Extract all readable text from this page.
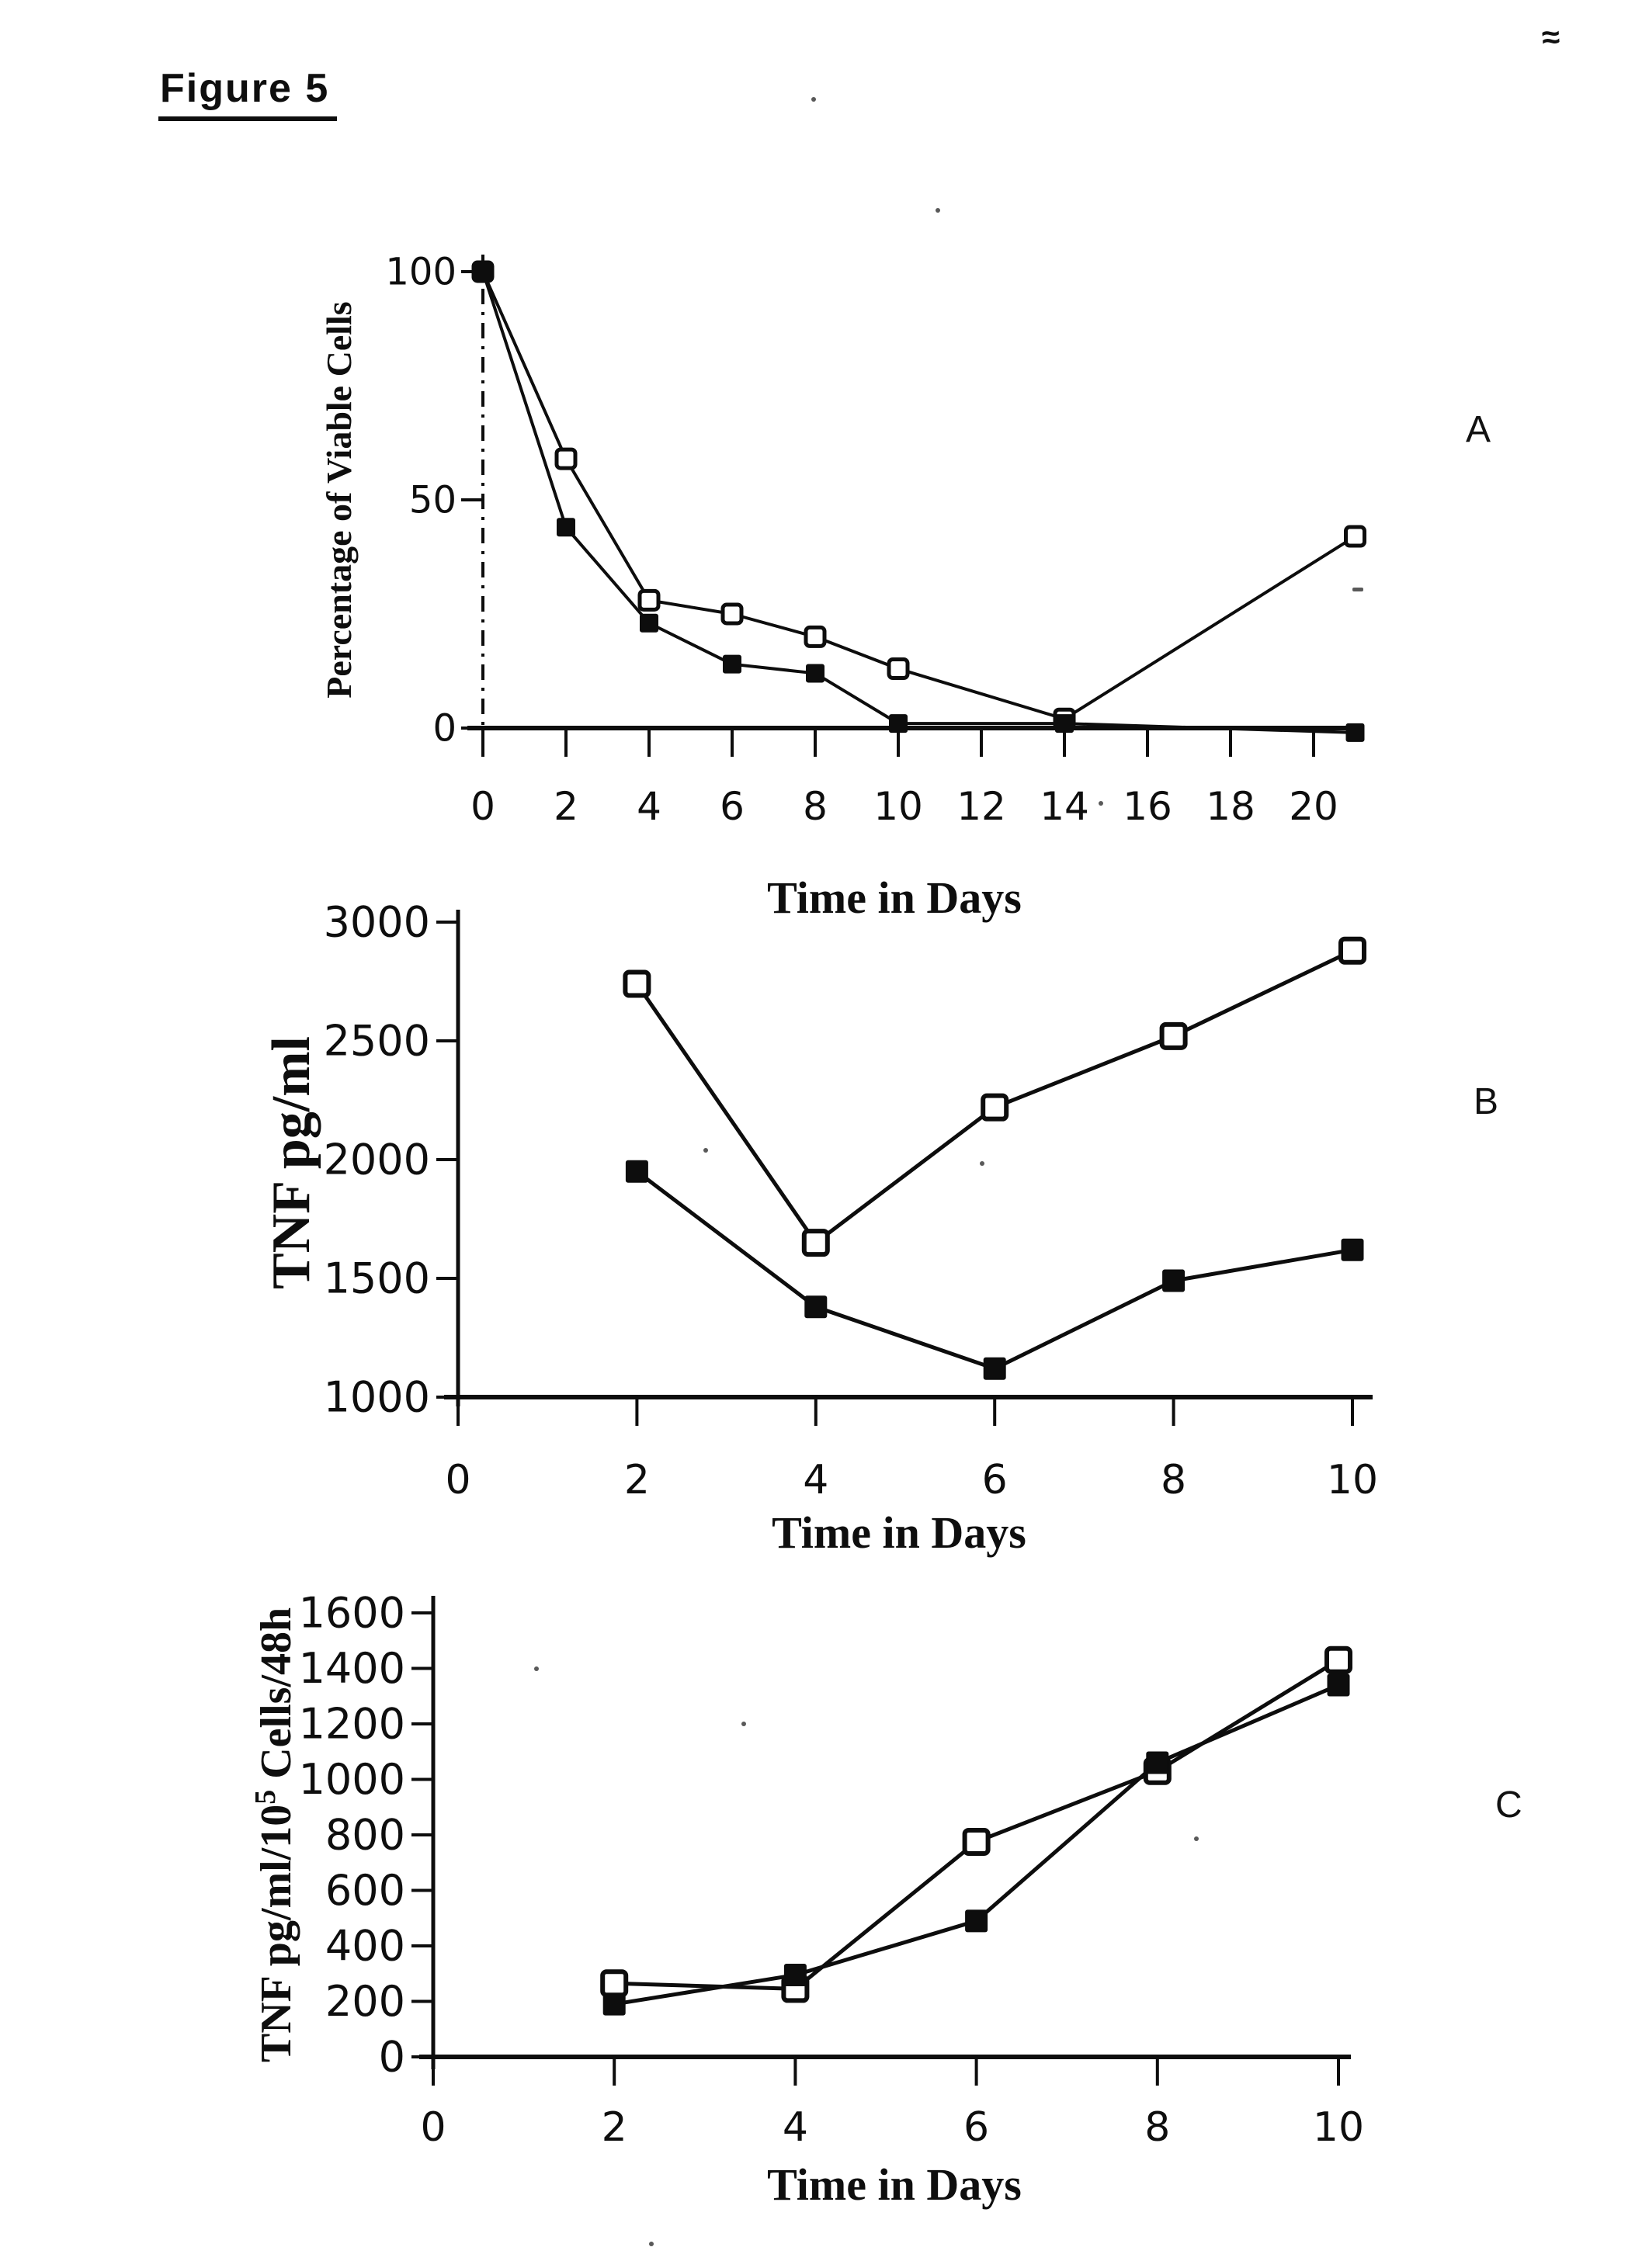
Figure 5
≈
0
50
100
0 2 4 6 8 10 12 14 16 18 20
Time in Days
Percentage of Viable Cells
1000
1500
2000
2500
3000
0	2	4	6	8	10
Time in Days
TNF pg/ml
0
200
400
600
800
1000
1200
1400
1600
0	2	4	6	8	10
Time in Days
TNF $pg/ml/10^5$ Cells/48h
A
B
C
